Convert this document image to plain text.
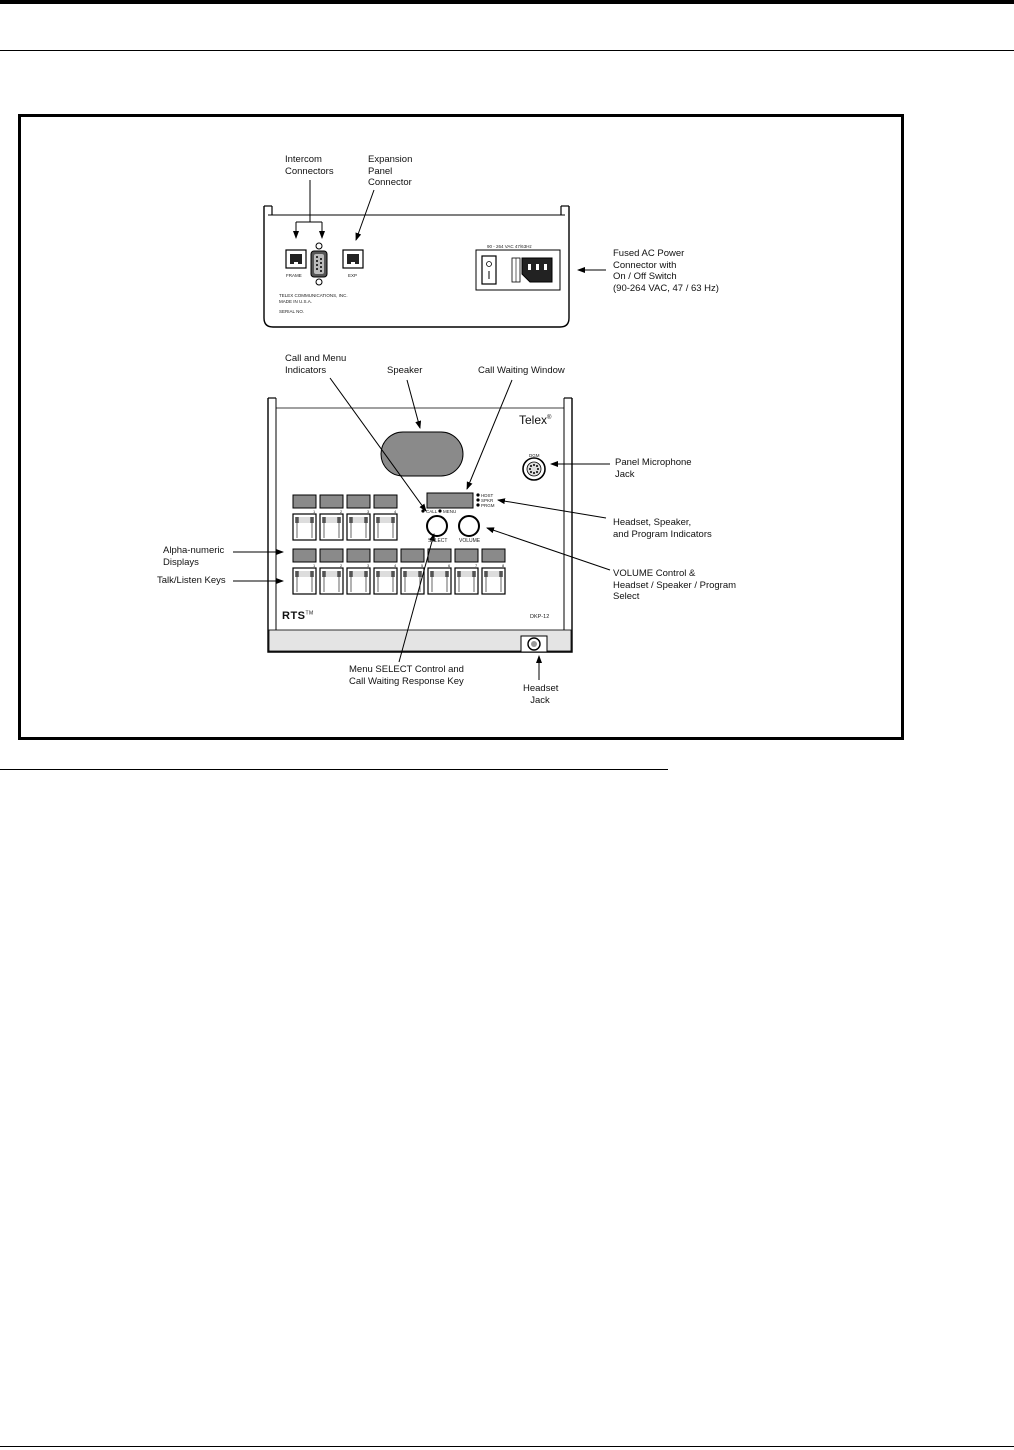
1	2	3	4
1	2	3	4	5	6	7	8
FRAME	EXP
90 - 264 VAC 47/63Hz
TELEX COMMUNICATIONS, INC.
MADE IN U.S.A.
SERIAL NO.
Telex®
DGM
CALL MENU
HDST
SPKR
PRGM
SELECT VOLUME
RTS™
DKP-12
Intercom
Connectors
Expansion
Panel
Connector
Fused AC Power
Connector with
On / Off Switch
(90-264 VAC, 47 / 63 Hz)
Call and Menu
Indicators	Speaker	Call Waiting Window
Panel Microphone
Jack
Headset, Speaker,
and Program Indicators
Alpha-numeric
Displays
Talk/Listen Keys
VOLUME Control &
Headset / Speaker / Program
Select
Menu SELECT Control and
Call Waiting Response Key
Headset
Jack
